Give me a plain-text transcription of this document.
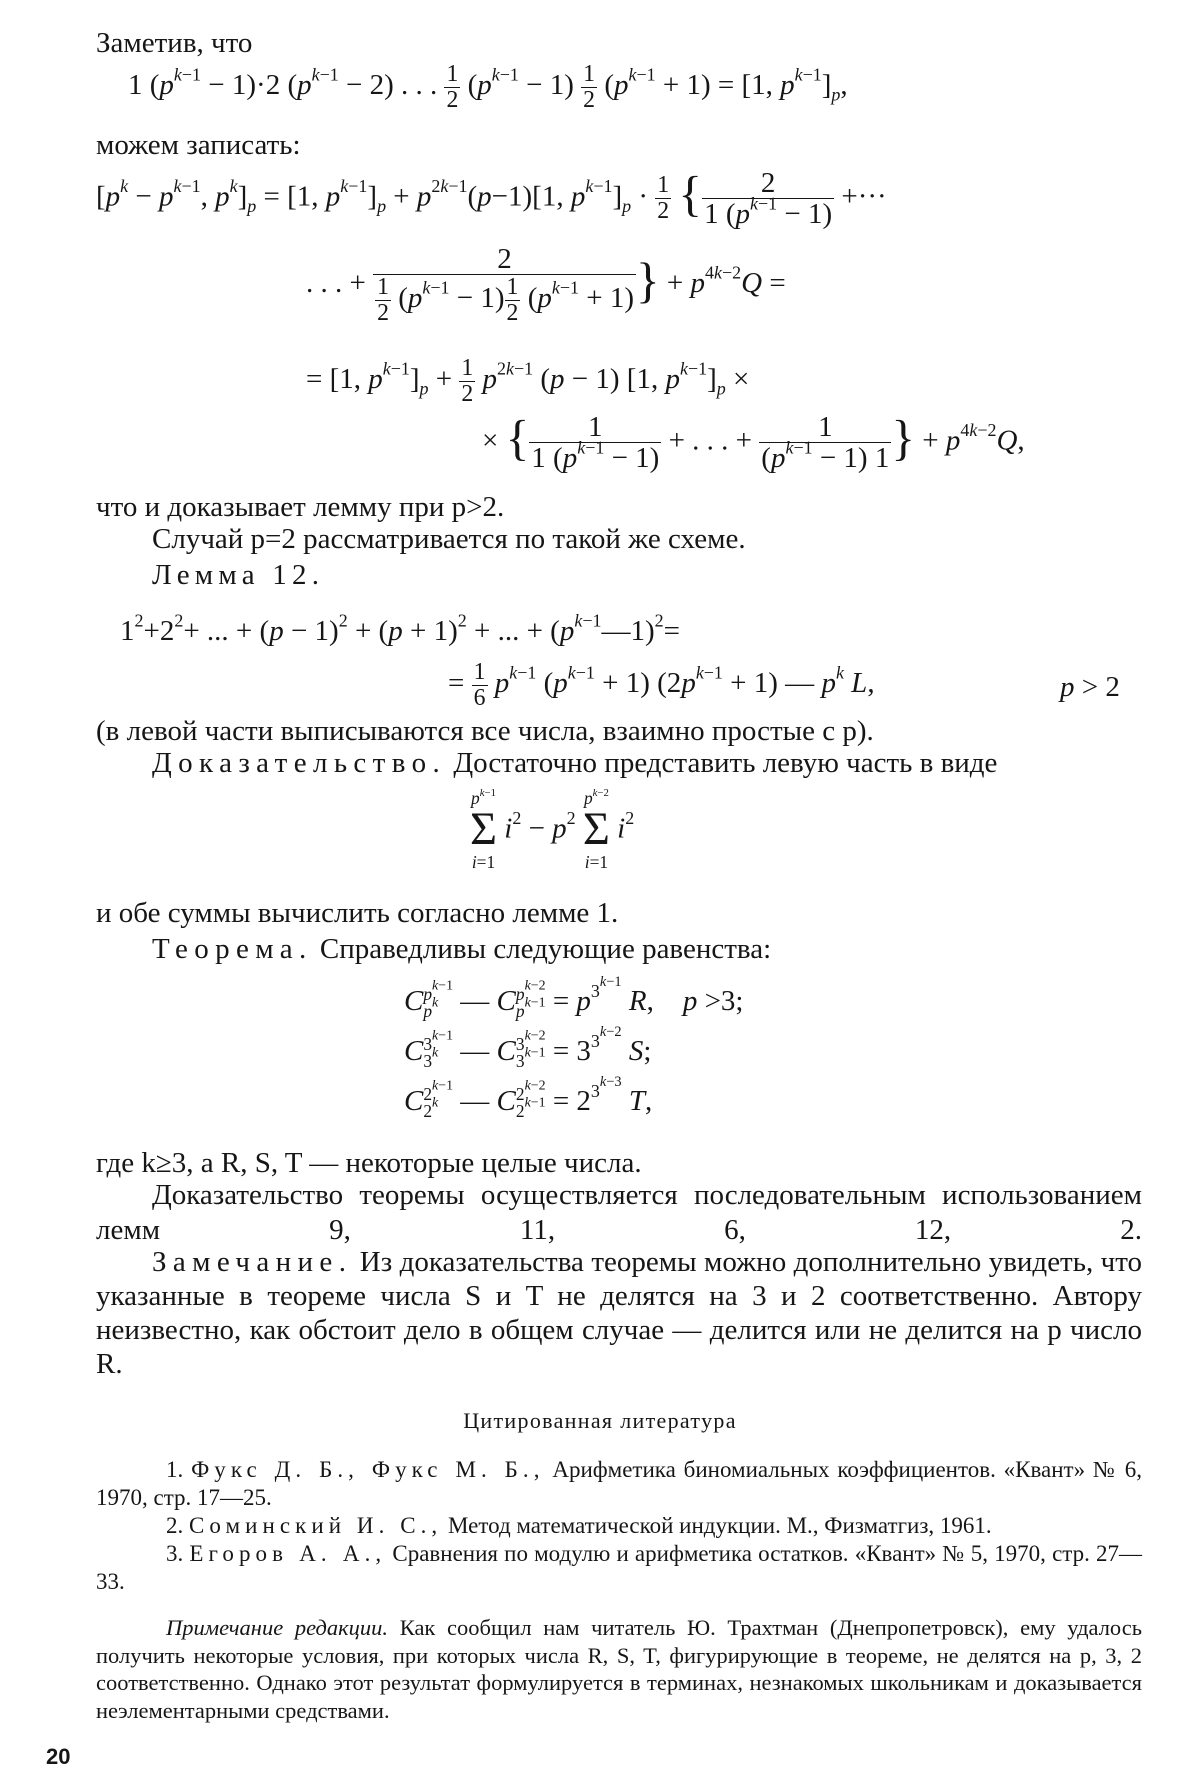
Заметив, что
1 $(p^{k-1} - 1)\cdot 2$ $(p^{k-1} - 2)$ . . . $\frac{1}{2} (p^{k-1} - 1) \frac{1}{2} (p^{k-1} + 1) = [1$, $p^{k-1}]_p$,
можем записать:
[$p^k - p^{k-1}$, $p^k]_p = [1$, $p^{k-1}]_p + p^{2k-1}(p-1)[1$, $p^{k-1}]_p \cdot \frac{1}{2}$ { $\frac{2}{1 (p^{k-1} - 1)}$ +···
. . . + $\frac{2}{\frac{1}{2} (p^{k-1} - 1) \frac{1}{2} (p^{k-1} + 1)}$ } + $p^{4k-2}Q$ =
= [1, $p^{k-1}]_p + \frac{1}{2} p^{2k-1}$ (p − 1) [1, $p^{k-1}]_p$ ×
× { $\frac{1}{1 (p^{k-1} - 1)}$ + . . . + $\frac{1}{(p^{k-1} - 1) 1}$ } + $p^{4k-2}Q$,
что и доказывает лемму при p>2.
Случай p=2 рассматривается по такой же схеме.
Лемма 12.
$1^2+2^2+$ ... + $(p - 1)^2 + (p + 1)^2$ + ... + $(p^{k-1}—1)^2=$
= $\frac{1}{6} p^{k-1}$ $(p^{k-1} + 1) (2p^{k-1} + 1)$ — $p^k$ L,	p > 2
(в левой части выписываются все числа, взаимно простые с p).
Доказательство. Достаточно представить левую часть в виде
$p^{k-1}$
Σ
i=1
$i^2 - p^2$
$p^{k-2}$
Σ
i=1
$i^2$
и обе суммы вычислить согласно лемме 1.
Теорема. Справедливы следующие равенства:
C $p^{k-1}$
$p^k$ — C $p^{k-2}$
$p^{k-1} = p^{3^{k-1}}$ R,    p >3;
C $3^{k-1}$
3$^k$ — C $3^{k-2}$
$3^{k-1} = 3^{3^{k-2}}$ S;
C $2^{k-1}$
2$^k$ — C $2^{k-2}$
$2^{k-1} = 2^{3^{k-3}}$ T,
где k≥3, а R, S, T — некоторые целые числа.
Доказательство теоремы осуществляется последовательным использованием лемм 9, 11, 6, 12, 2.
Замечание. Из доказательства теоремы можно дополнительно увидеть, что указанные в теореме числа S и T не делятся на 3 и 2 соответственно. Автору неизвестно, как обстоит дело в общем случае — делится или не делится на p число R.
Цитированная литература
1. Фукс Д. Б., Фукс М. Б., Арифметика биномиальных коэффициентов. «Квант» № 6, 1970, стр. 17—25.
2. Соминский И. С., Метод математической индукции. М., Физматгиз, 1961.
3. Егоров А. А., Сравнения по модулю и арифметика остатков. «Квант» № 5, 1970, стр. 27—33.
Примечание редакции. Как сообщил нам читатель Ю. Трахтман (Днепропетровск), ему удалось получить некоторые условия, при которых числа R, S, T, фигурирующие в теореме, не делятся на p, 3, 2 соответственно. Однако этот результат формулируется в терминах, незнакомых школьникам и доказывается неэлементарными средствами.
20
